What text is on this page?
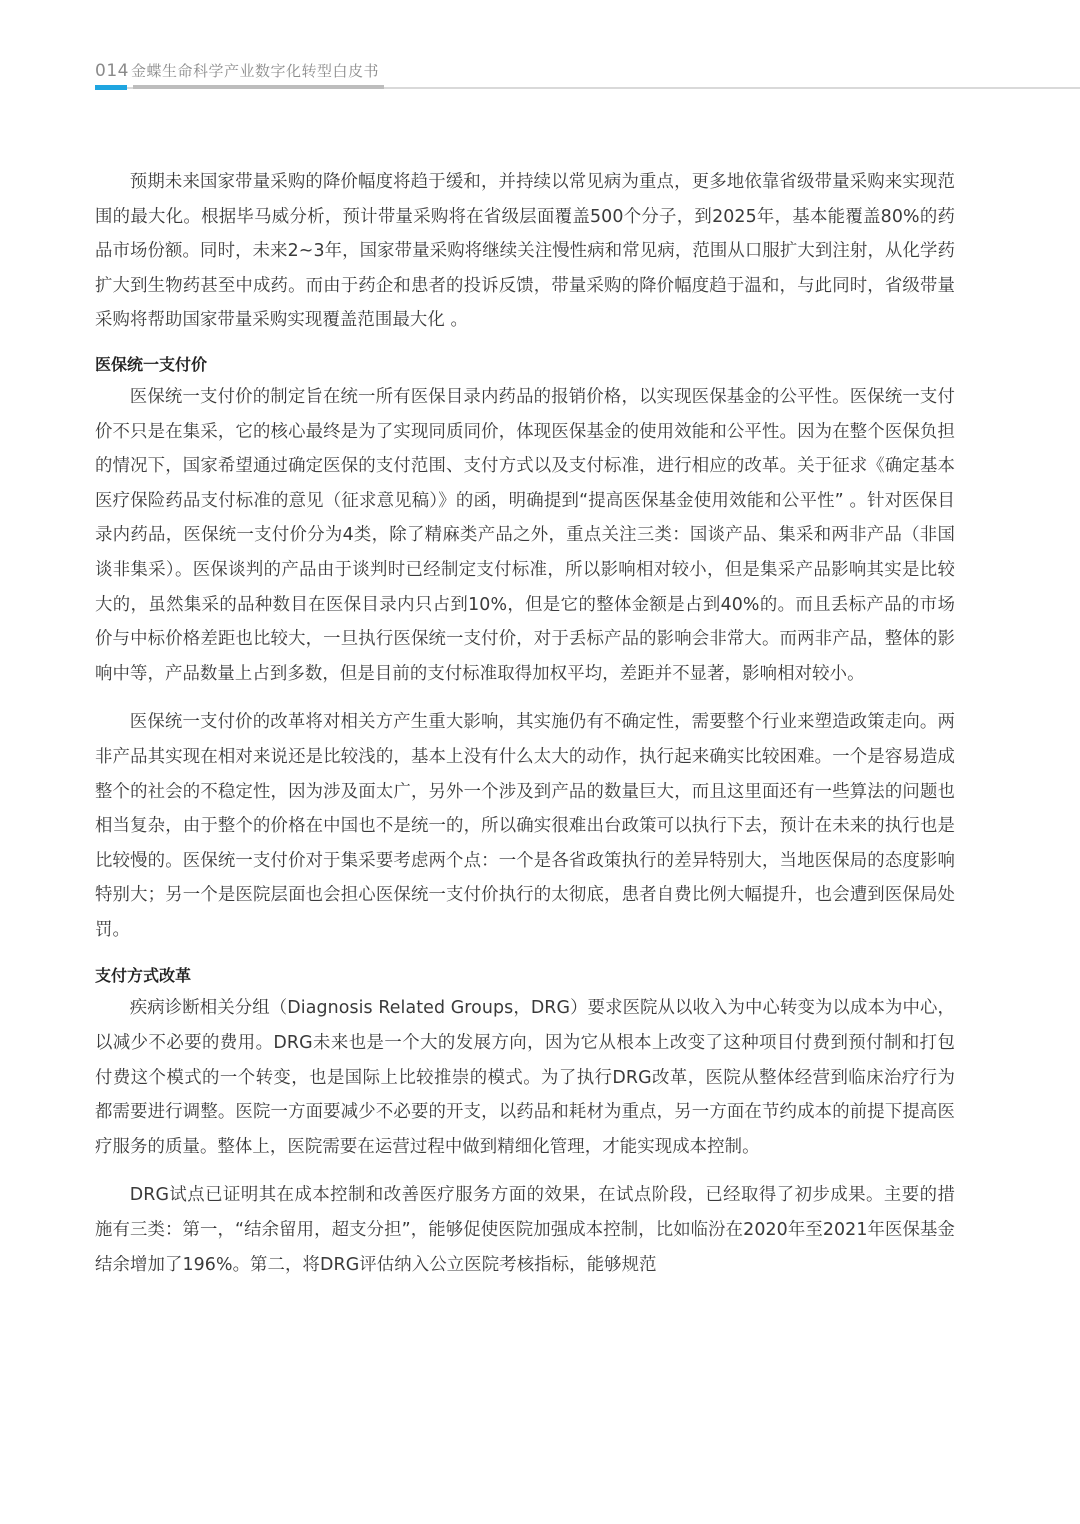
014 金蝶生命科学产业数字化转型白皮书

预期未来国家带量采购的降价幅度将趋于缓和，并持续以常见病为重点，更多地依靠省级带量采购来实现范围的最大化。根据毕马威分析，预计带量采购将在省级层面覆盖500个分子，到2025年，基本能覆盖80%的药品市场份额。同时，未来2~3年，国家带量采购将继续关注慢性病和常见病，范围从口服扩大到注射，从化学药扩大到生物药甚至中成药。而由于药企和患者的投诉反馈，带量采购的降价幅度趋于温和，与此同时，省级带量采购将帮助国家带量采购实现覆盖范围最大化 。

医保统一支付价

医保统一支付价的制定旨在统一所有医保目录内药品的报销价格，以实现医保基金的公平性。医保统一支付价不只是在集采，它的核心最终是为了实现同质同价，体现医保基金的使用效能和公平性。因为在整个医保负担的情况下，国家希望通过确定医保的支付范围、支付方式以及支付标准，进行相应的改革。关于征求《确定基本医疗保险药品支付标准的意见（征求意见稿）》的函，明确提到“提高医保基金使用效能和公平性” 。针对医保目录内药品，医保统一支付价分为4类，除了精麻类产品之外，重点关注三类：国谈产品、集采和两非产品（非国谈非集采）。医保谈判的产品由于谈判时已经制定支付标准，所以影响相对较小，但是集采产品影响其实是比较大的，虽然集采的品种数目在医保目录内只占到10%，但是它的整体金额是占到40%的。而且丢标产品的市场价与中标价格差距也比较大，一旦执行医保统一支付价，对于丢标产品的影响会非常大。而两非产品，整体的影响中等，产品数量上占到多数，但是目前的支付标准取得加权平均，差距并不显著，影响相对较小。

医保统一支付价的改革将对相关方产生重大影响，其实施仍有不确定性，需要整个行业来塑造政策走向。两非产品其实现在相对来说还是比较浅的，基本上没有什么太大的动作，执行起来确实比较困难。一个是容易造成整个的社会的不稳定性，因为涉及面太广，另外一个涉及到产品的数量巨大，而且这里面还有一些算法的问题也相当复杂，由于整个的价格在中国也不是统一的，所以确实很难出台政策可以执行下去，预计在未来的执行也是比较慢的。医保统一支付价对于集采要考虑两个点：一个是各省政策执行的差异特别大，当地医保局的态度影响特别大；另一个是医院层面也会担心医保统一支付价执行的太彻底，患者自费比例大幅提升，也会遭到医保局处罚。

支付方式改革

疾病诊断相关分组（Diagnosis Related Groups，DRG）要求医院从以收入为中心转变为以成本为中心，以减少不必要的费用。DRG未来也是一个大的发展方向，因为它从根本上改变了这种项目付费到预付制和打包付费这个模式的一个转变，也是国际上比较推崇的模式。为了执行DRG改革，医院从整体经营到临床治疗行为都需要进行调整。医院一方面要减少不必要的开支，以药品和耗材为重点，另一方面在节约成本的前提下提高医疗服务的质量。整体上，医院需要在运营过程中做到精细化管理，才能实现成本控制。

DRG试点已证明其在成本控制和改善医疗服务方面的效果，在试点阶段，已经取得了初步成果。主要的措施有三类：第一，“结余留用，超支分担”，能够促使医院加强成本控制，比如临汾在2020年至2021年医保基金结余增加了196%。第二，将DRG评估纳入公立医院考核指标，能够规范
